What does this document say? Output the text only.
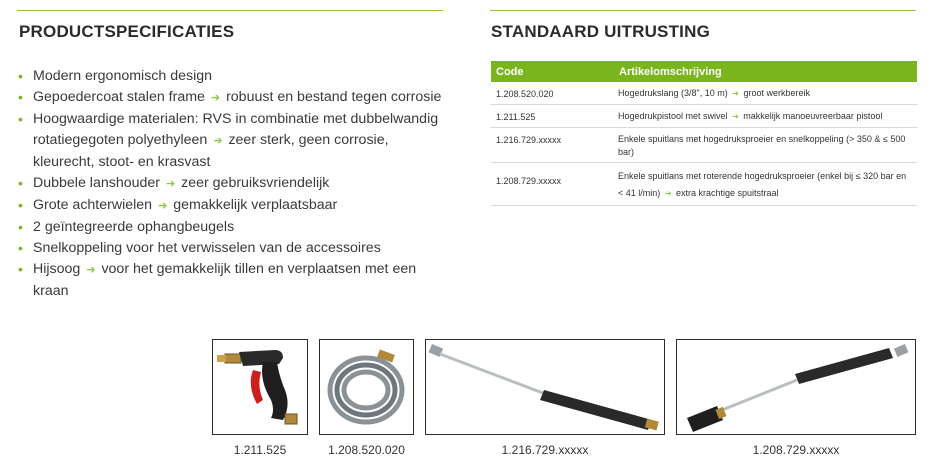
PRODUCTSPECIFICATIES	STANDAARD UITRUSTING
• Modern ergonomisch design
• Gepoedercoat stalen frame ➔ robuust en bestand tegen corrosie
• Hoogwaardige materialen: RVS in combinatie met dubbelwandig rotatiegegoten polyethyleen ➔ zeer sterk, geen corrosie, kleurecht, stoot- en krasvast
• Dubbele lanshouder ➔ zeer gebruiksvriendelijk
• Grote achterwielen ➔ gemakkelijk verplaatsbaar
• 2 geïntegreerde ophangbeugels
• Snelkoppeling voor het verwisselen van de accessoires
• Hijsoog ➔ voor het gemakkelijk tillen en verplaatsen met een kraan
Code	Artikelomschrijving
1.208.520.020	Hogedrukslang (3/8", 10 m) ➔ groot werkbereik
1.211.525	Hogedrukpistool met swivel ➔ makkelijk manoeuvreerbaar pistool
1.216.729.xxxxx	Enkele spuitlans met hogedruksproeier en snelkoppeling (> 350 & ≤ 500 bar)
1.208.729.xxxxx	Enkele spuitlans met roterende hogedruksproeier (enkel bij ≤ 320 bar en < 41 l/min) ➔ extra krachtige spuitstraal
1.211.525	1.208.520.020	1.216.729.xxxxx	1.208.729.xxxxx
